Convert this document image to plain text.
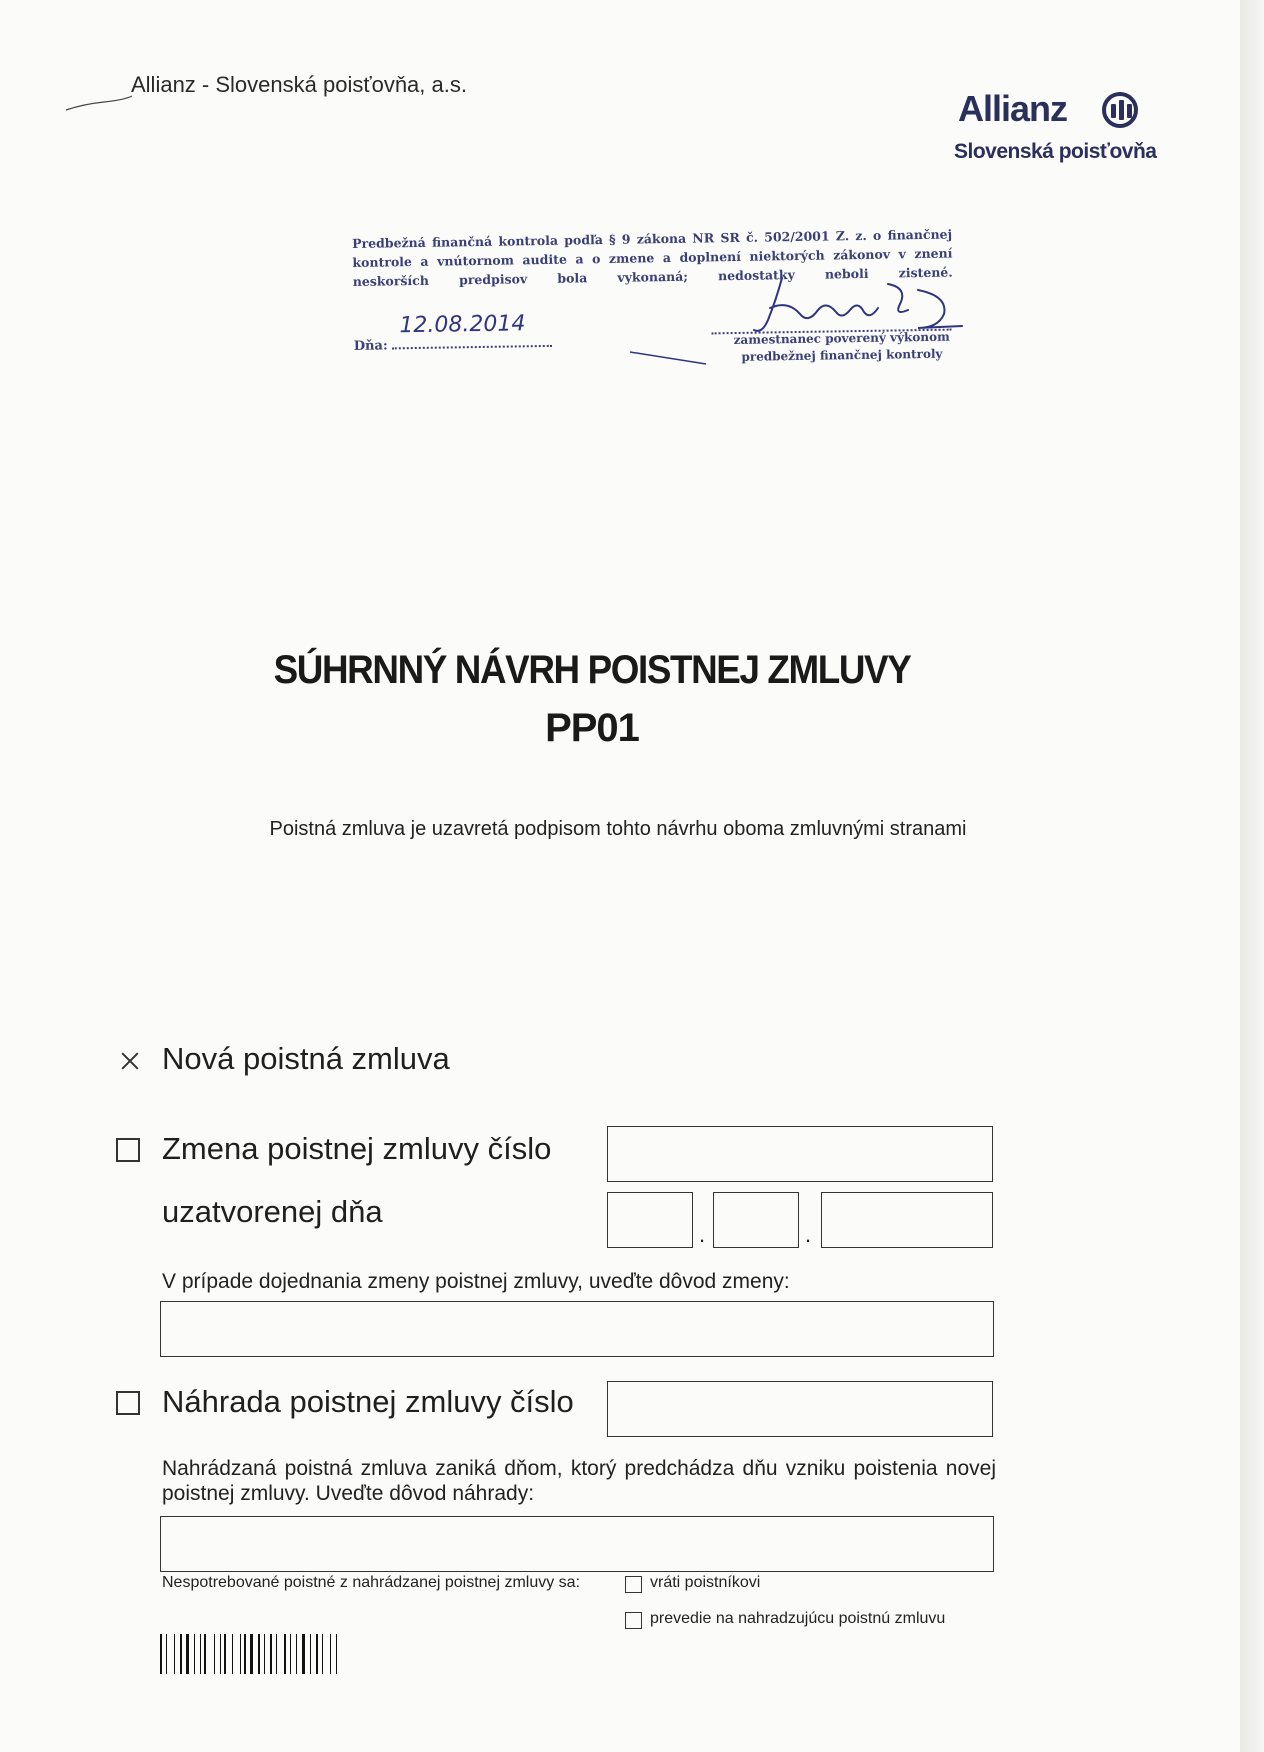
Allianz - Slovenská poisťovňa, a.s.
Allianz
Slovenská poisťovňa
Predbežná finančná kontrola podľa § 9 zákona NR SR č. 502/2001 Z. z. o finančnej kontrole a vnútornom audite a o zmene a doplnení niektorých zákonov v znení neskorších predpisov bola vykonaná; nedostatky neboli zistené.
Dňa:
12.08.2014
zamestnanec poverený výkonom predbežnej finančnej kontroly
SÚHRNNÝ NÁVRH POISTNEJ ZMLUVY
PP01
Poistná zmluva je uzavretá podpisom tohto návrhu oboma zmluvnými stranami
Nová poistná zmluva
Zmena poistnej zmluvy číslo
uzatvorenej dňa
.	.
V prípade dojednania zmeny poistnej zmluvy, uveďte dôvod zmeny:
Náhrada poistnej zmluvy číslo
Nahrádzaná poistná zmluva zaniká dňom, ktorý predchádza dňu vzniku poistenia novej poistnej zmluvy. Uveďte dôvod náhrady:
Nespotrebované poistné z nahrádzanej poistnej zmluvy sa:	vráti poistníkovi
prevedie na nahradzujúcu poistnú zmluvu
